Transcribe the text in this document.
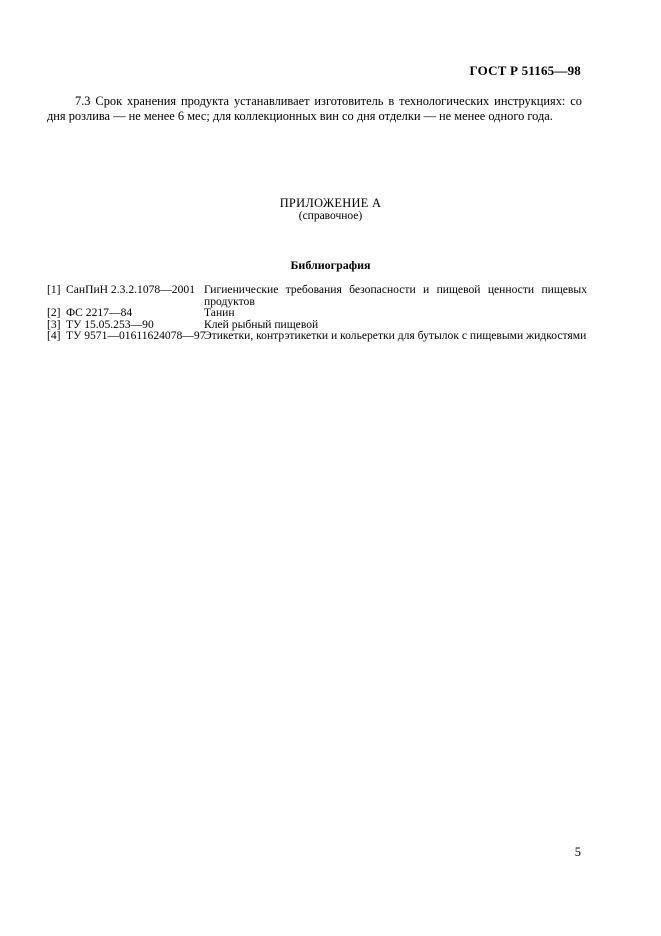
ГОСТ Р 51165—98
7.3 Срок хранения продукта устанавливает изготовитель в технологических инструкциях: со
дня розлива — не менее 6 мес; для коллекционных вин со дня отделки — не менее одного года.
ПРИЛОЖЕНИЕ А
(справочное)
Библиография
[1] СанПиН 2.3.2.1078—2001 Гигиенические требования безопасности и пищевой ценности пищевых продуктов
[2] ФС 2217—84	Танин
[3] ТУ 15.05.253—90	Клей рыбный пищевой
[4] ТУ 9571—01611624078—97
Этикетки, контрэтикетки и кольеретки для бутылок с пищевыми жидкостями
5
